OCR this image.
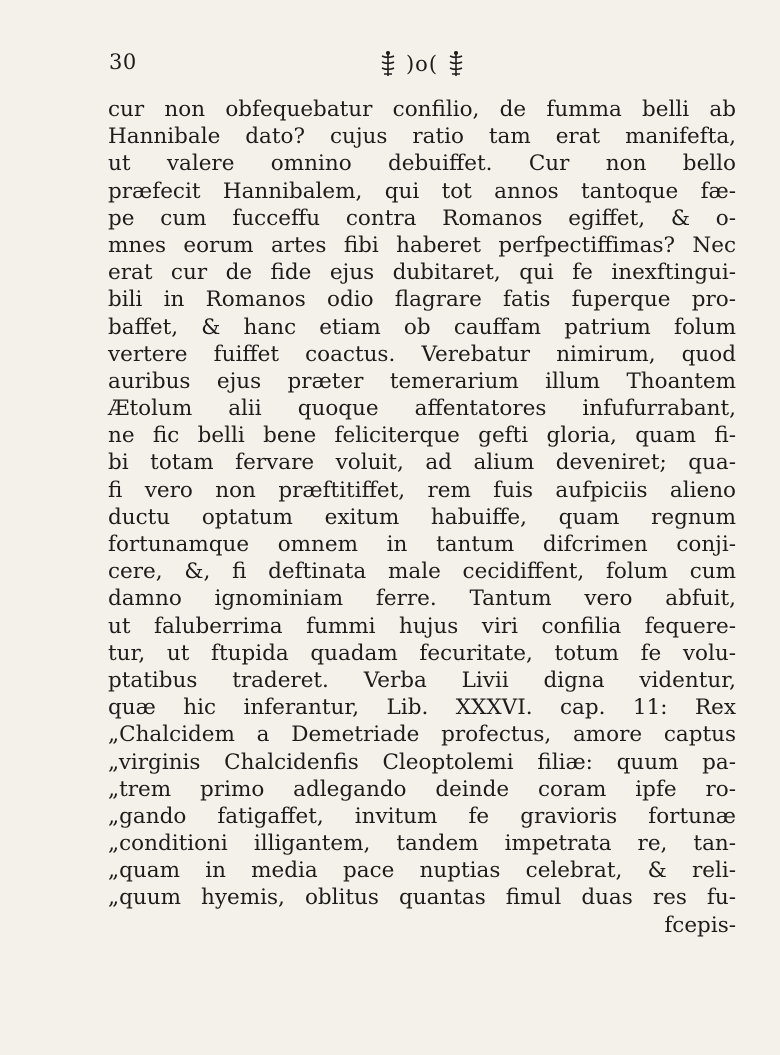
30	)o(
cur non obfequebatur confilio, de fumma belli ab
Hannibale dato? cujus ratio tam erat manifefta,
ut valere omnino debuiffet. Cur non bello
præfecit Hannibalem, qui tot annos tantoque fæ-
pe cum fucceffu contra Romanos egiffet, & o-
mnes eorum artes fibi haberet perfpectiffimas? Nec
erat cur de fide ejus dubitaret, qui fe inexftingui-
bili in Romanos odio flagrare fatis fuperque pro-
baffet, & hanc etiam ob cauffam patrium folum
vertere fuiffet coactus. Verebatur nimirum, quod
auribus ejus præter temerarium illum Thoantem
Ætolum alii quoque affentatores infufurrabant,
ne fic belli bene feliciterque gefti gloria, quam fi-
bi totam fervare voluit, ad alium deveniret; qua-
fi vero non præftitiffet, rem fuis aufpiciis alieno
ductu optatum exitum habuiffe, quam regnum
fortunamque omnem in tantum difcrimen conji-
cere, &, fi deftinata male cecidiffent, folum cum
damno ignominiam ferre. Tantum vero abfuit,
ut faluberrima fummi hujus viri confilia fequere-
tur, ut ftupida quadam fecuritate, totum fe volu-
ptatibus traderet. Verba Livii digna videntur,
quæ hic inferantur, Lib. XXXVI. cap. 11: Rex
„Chalcidem a Demetriade profectus, amore captus
„virginis Chalcidenfis Cleoptolemi filiæ: quum pa-
„trem primo adlegando deinde coram ipfe ro-
„gando fatigaffet, invitum fe gravioris fortunæ
„conditioni illigantem, tandem impetrata re, tan-
„quam in media pace nuptias celebrat, & reli-
„quum hyemis, oblitus quantas fimul duas res fu-
fcepis-
